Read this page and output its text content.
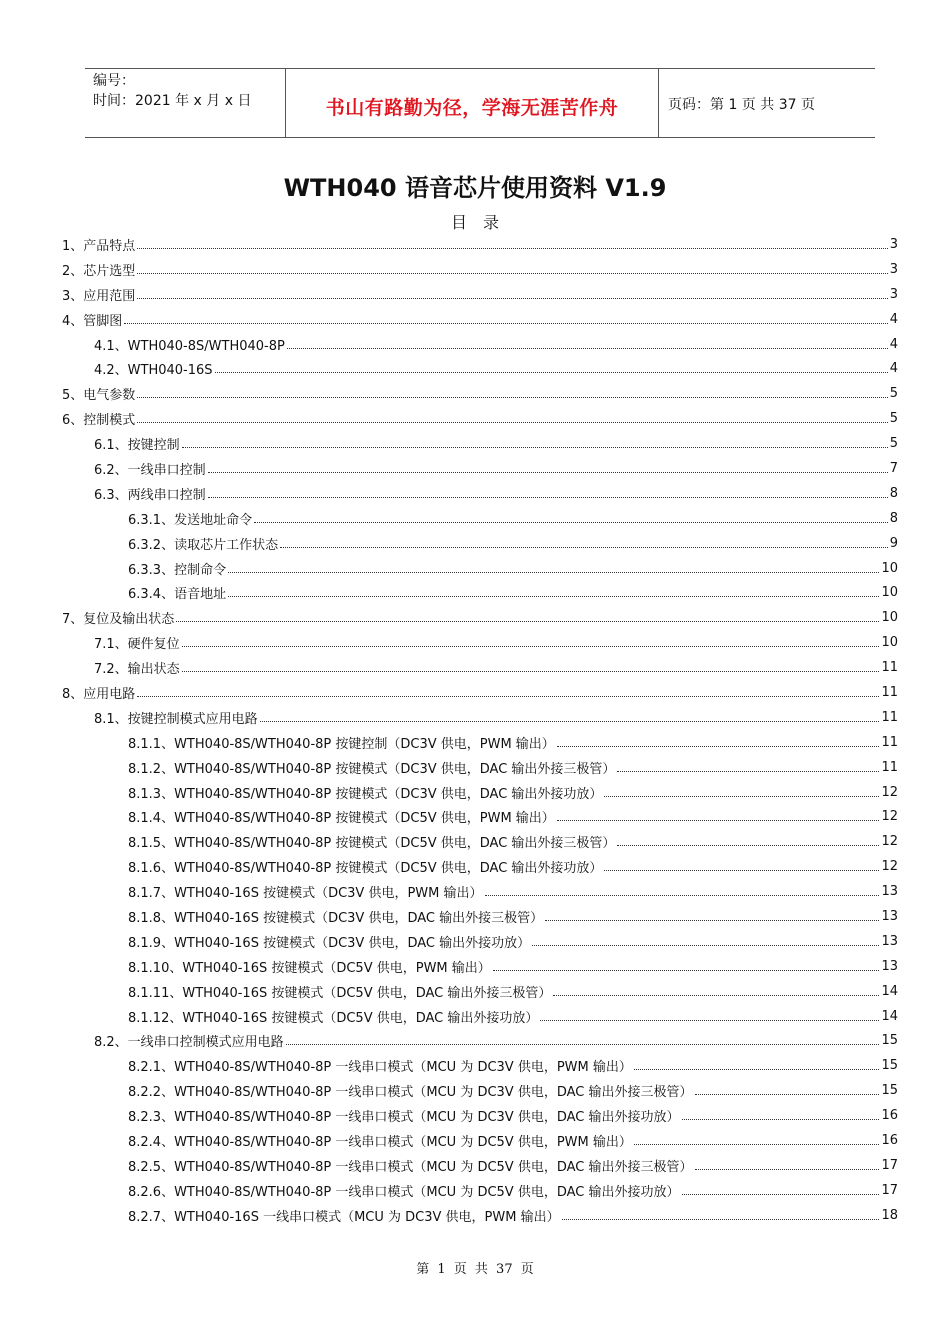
编号：
时间：2021 年 x 月 x 日	书山有路勤为径，学海无涯苦作舟	页码：第 1 页 共 37 页
WTH040 语音芯片使用资料 V1.9
目录
1、产品特点	3
2、芯片选型	3
3、应用范围	3
4、管脚图	4
4.1、WTH040-8S/WTH040-8P	4
4.2、WTH040-16S	4
5、电气参数	5
6、控制模式	5
6.1、按键控制	5
6.2、一线串口控制	7
6.3、两线串口控制	8
6.3.1、发送地址命令	8
6.3.2、读取芯片工作状态	9
6.3.3、控制命令	10
6.3.4、语音地址	10
7、复位及输出状态	10
7.1、硬件复位	10
7.2、输出状态	11
8、应用电路	11
8.1、按键控制模式应用电路	11
8.1.1、WTH040-8S/WTH040-8P 按键控制（DC3V 供电，PWM 输出）	11
8.1.2、WTH040-8S/WTH040-8P 按键模式（DC3V 供电，DAC 输出外接三极管）	11
8.1.3、WTH040-8S/WTH040-8P 按键模式（DC3V 供电，DAC 输出外接功放）	12
8.1.4、WTH040-8S/WTH040-8P 按键模式（DC5V 供电，PWM 输出）	12
8.1.5、WTH040-8S/WTH040-8P 按键模式（DC5V 供电，DAC 输出外接三极管）	12
8.1.6、WTH040-8S/WTH040-8P 按键模式（DC5V 供电，DAC 输出外接功放）	12
8.1.7、WTH040-16S 按键模式（DC3V 供电，PWM 输出）	13
8.1.8、WTH040-16S 按键模式（DC3V 供电，DAC 输出外接三极管）	13
8.1.9、WTH040-16S 按键模式（DC3V 供电，DAC 输出外接功放）	13
8.1.10、WTH040-16S 按键模式（DC5V 供电，PWM 输出）	13
8.1.11、WTH040-16S 按键模式（DC5V 供电，DAC 输出外接三极管）	14
8.1.12、WTH040-16S 按键模式（DC5V 供电，DAC 输出外接功放）	14
8.2、一线串口控制模式应用电路	15
8.2.1、WTH040-8S/WTH040-8P 一线串口模式（MCU 为 DC3V 供电，PWM 输出）	15
8.2.2、WTH040-8S/WTH040-8P 一线串口模式（MCU 为 DC3V 供电，DAC 输出外接三极管）	15
8.2.3、WTH040-8S/WTH040-8P 一线串口模式（MCU 为 DC3V 供电，DAC 输出外接功放）	16
8.2.4、WTH040-8S/WTH040-8P 一线串口模式（MCU 为 DC5V 供电，PWM 输出）	16
8.2.5、WTH040-8S/WTH040-8P 一线串口模式（MCU 为 DC5V 供电，DAC 输出外接三极管）	17
8.2.6、WTH040-8S/WTH040-8P 一线串口模式（MCU 为 DC5V 供电，DAC 输出外接功放）	17
8.2.7、WTH040-16S 一线串口模式（MCU 为 DC3V 供电，PWM 输出）	18
第 1 页 共 37 页
